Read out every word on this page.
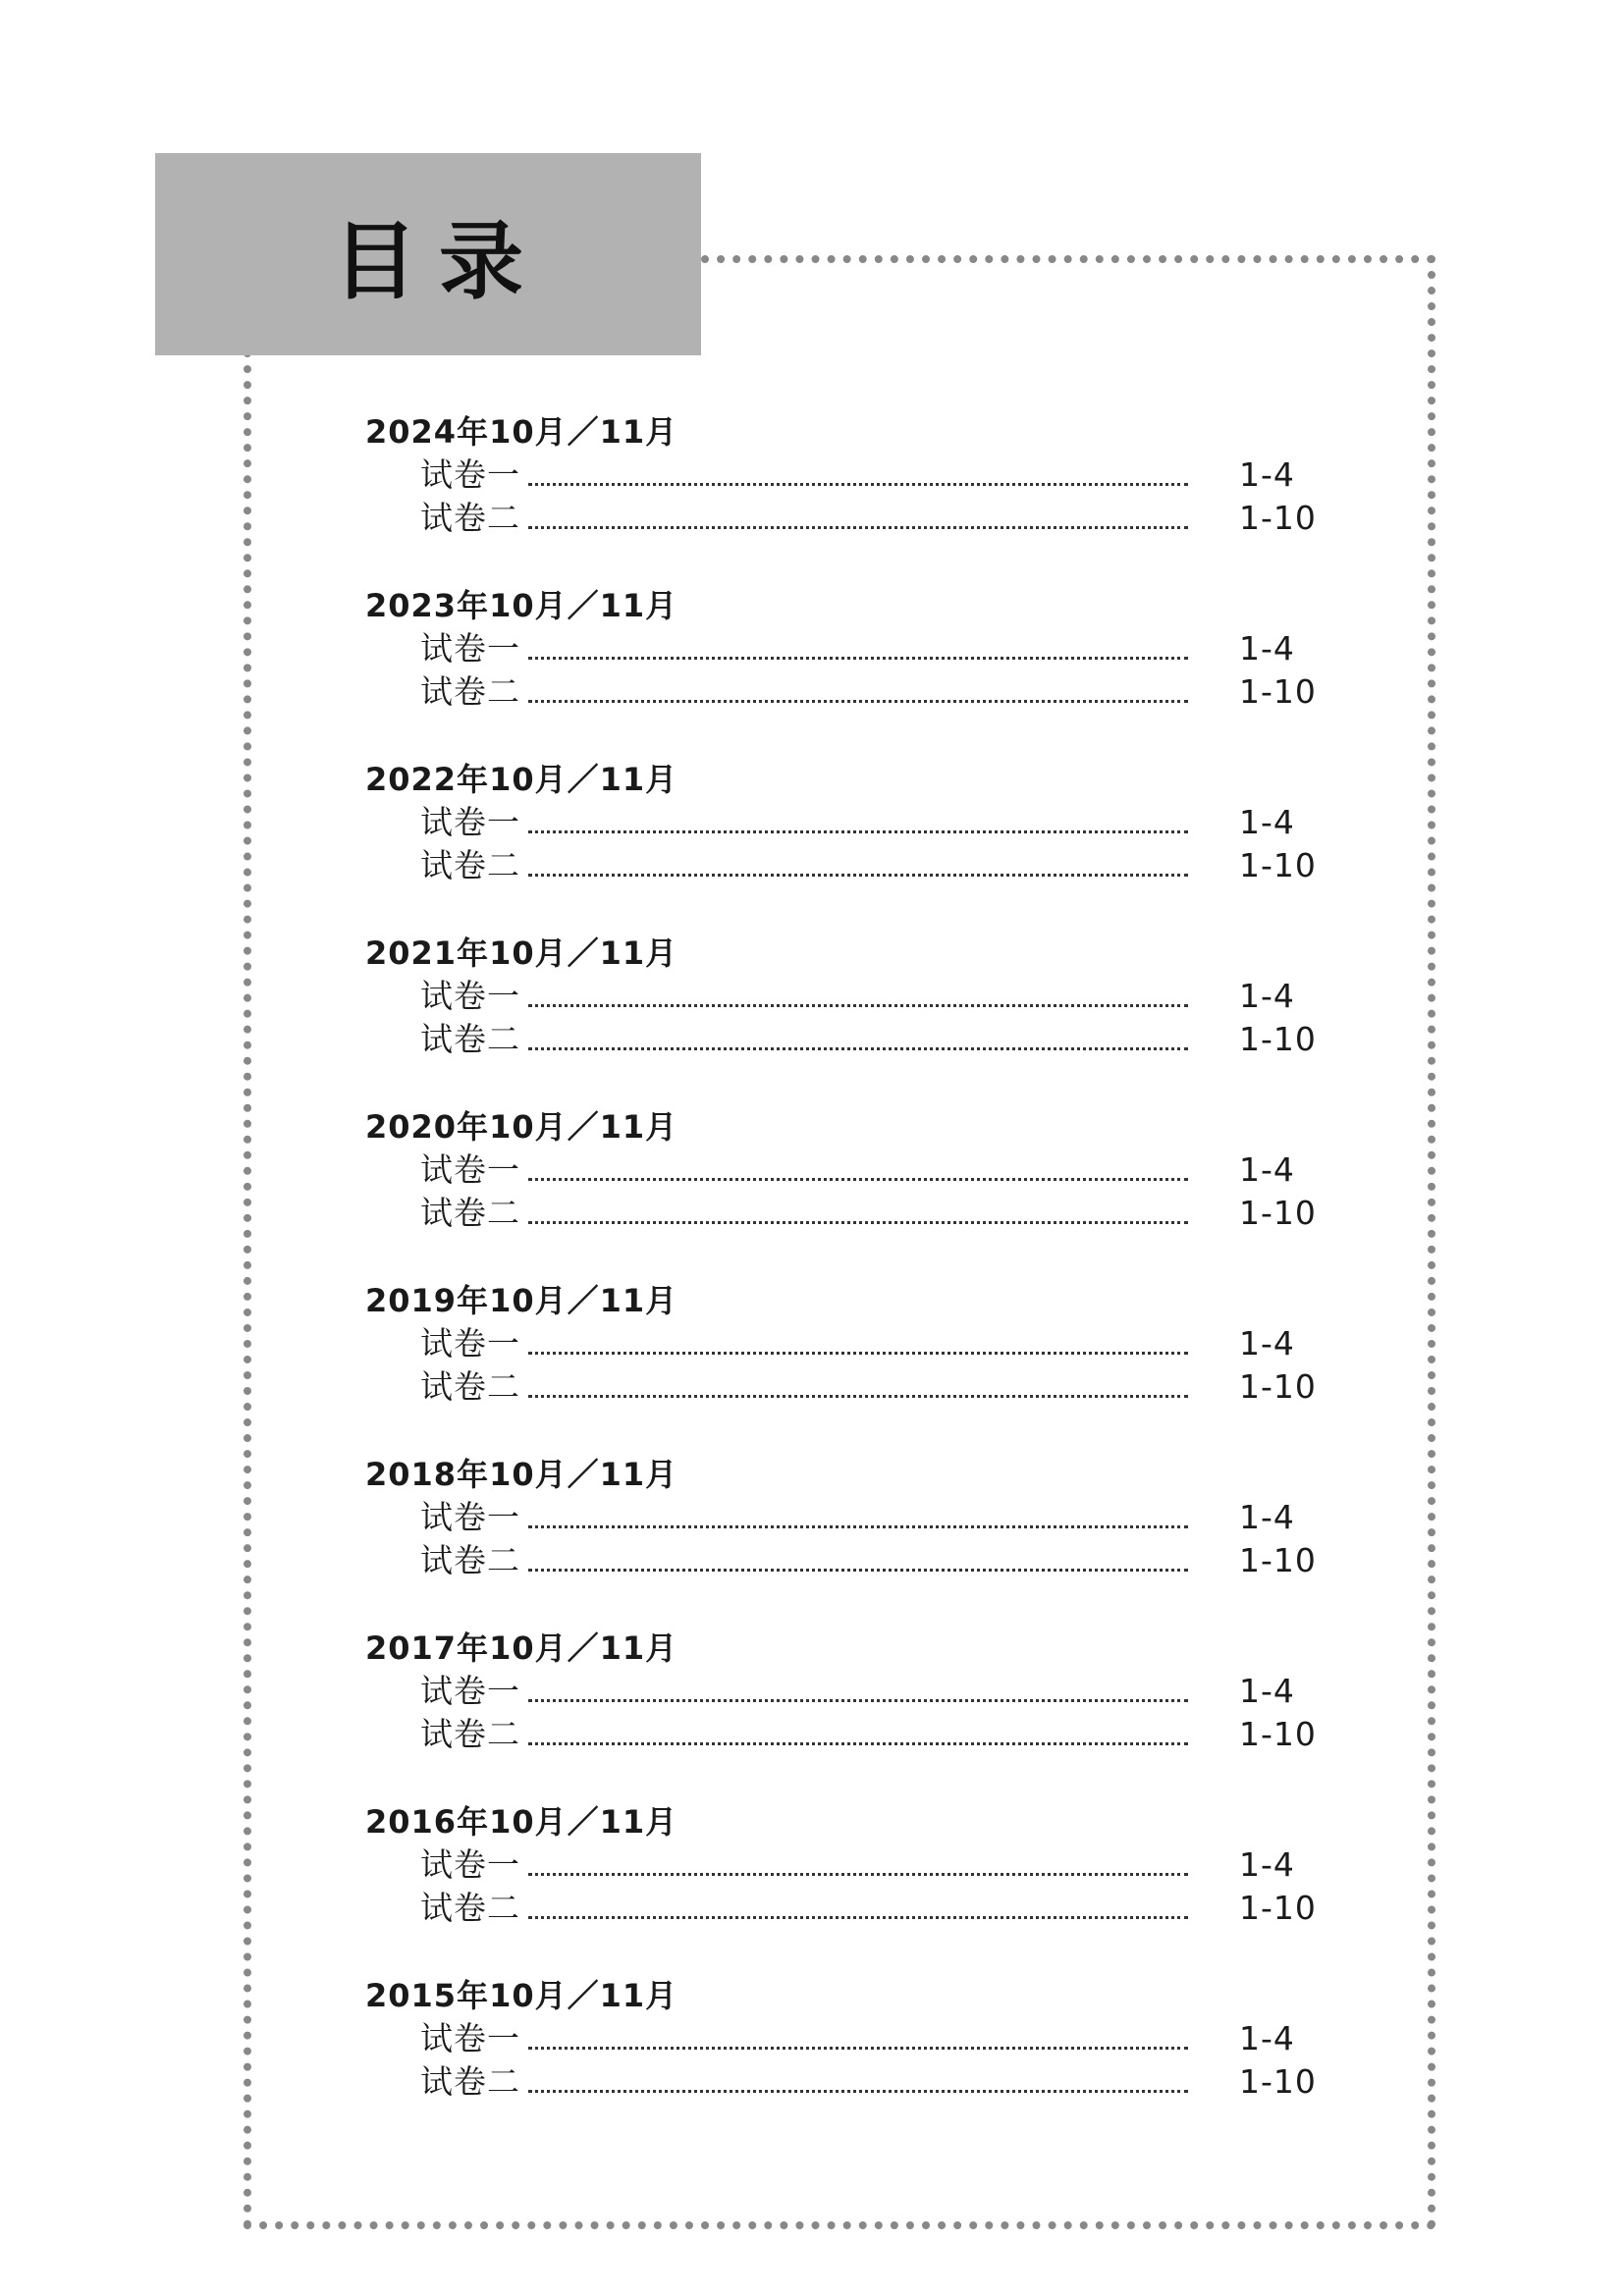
目录
2024年10月／11月
试卷一	1-4
试卷二	1-10
2023年10月／11月
试卷一	1-4
试卷二	1-10
2022年10月／11月
试卷一	1-4
试卷二	1-10
2021年10月／11月
试卷一	1-4
试卷二	1-10
2020年10月／11月
试卷一	1-4
试卷二	1-10
2019年10月／11月
试卷一	1-4
试卷二	1-10
2018年10月／11月
试卷一	1-4
试卷二	1-10
2017年10月／11月
试卷一	1-4
试卷二	1-10
2016年10月／11月
试卷一	1-4
试卷二	1-10
2015年10月／11月
试卷一	1-4
试卷二	1-10
